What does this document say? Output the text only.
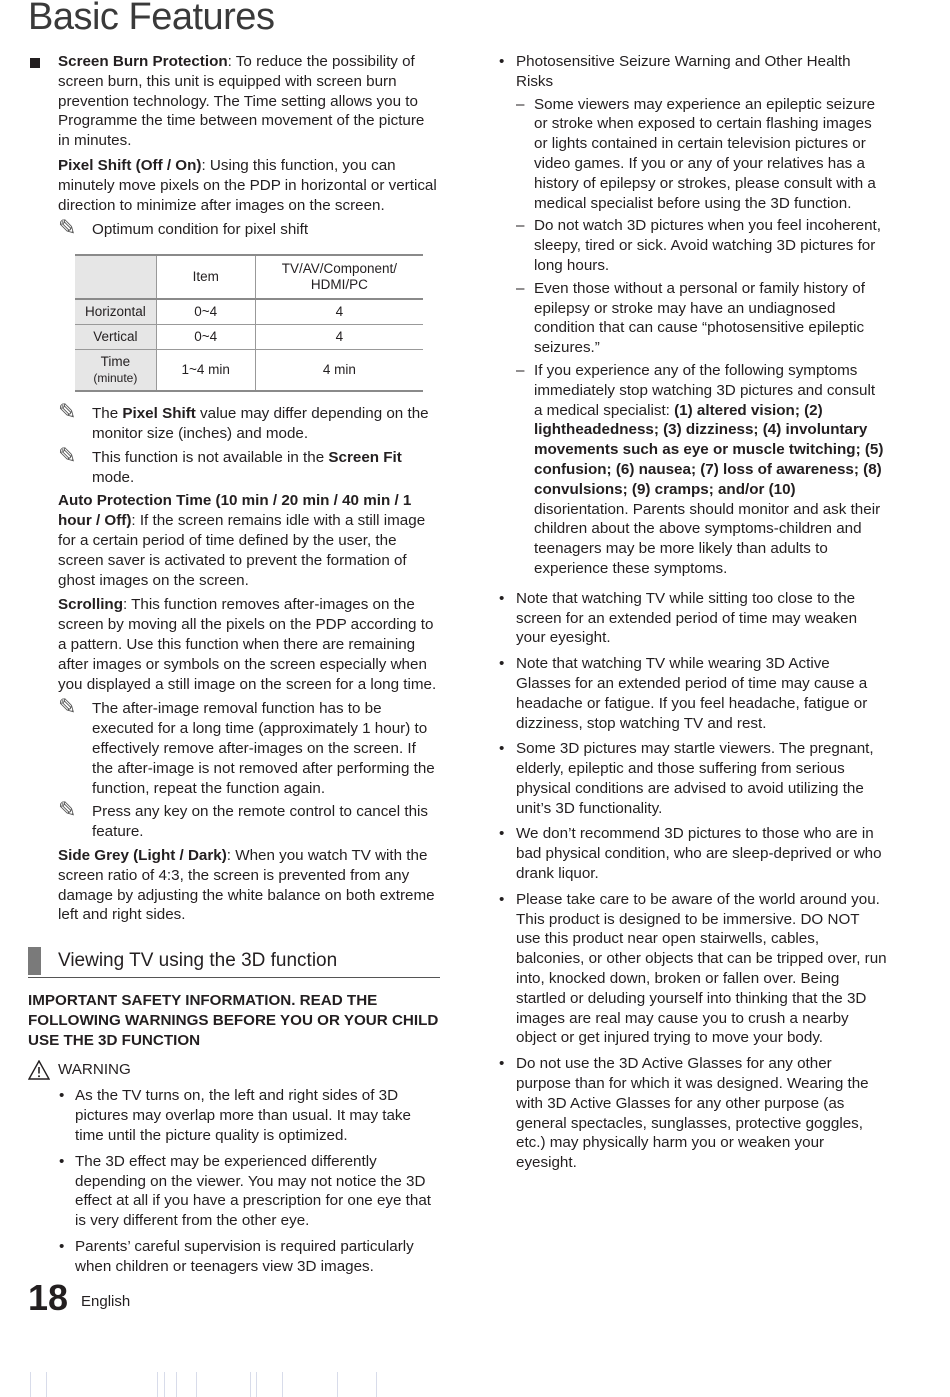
Basic Features
Screen Burn Protection: To reduce the possibility of screen burn, this unit is equipped with screen burn prevention technology. The Time setting allows you to Programme the time between movement of the picture in minutes.
Pixel Shift (Off / On): Using this function, you can minutely move pixels on the PDP in horizontal or vertical direction to minimize after images on the screen.
✎ Optimum condition for pixel shift
	Item	TV/AV/Component/ HDMI/PC
Horizontal	0~4	4
Vertical	0~4	4
Time (minute)	1~4 min	4 min
✎ The Pixel Shift value may differ depending on the monitor size (inches) and mode.
✎ This function is not available in the Screen Fit mode.
Auto Protection Time (10 min / 20 min / 40 min / 1 hour / Off): If the screen remains idle with a still image for a certain period of time defined by the user, the screen saver is activated to prevent the formation of ghost images on the screen.
Scrolling: This function removes after-images on the screen by moving all the pixels on the PDP according to a pattern. Use this function when there are remaining after images or symbols on the screen especially when you displayed a still image on the screen for a long time.
✎ The after-image removal function has to be executed for a long time (approximately 1 hour) to effectively remove after-images on the screen. If the after-image is not removed after performing the function, repeat the function again.
✎ Press any key on the remote control to cancel this feature.
Side Grey (Light / Dark): When you watch TV with the screen ratio of 4:3, the screen is prevented from any damage by adjusting the white balance on both extreme left and right sides.
Viewing TV using the 3D function
IMPORTANT SAFETY INFORMATION. READ THE FOLLOWING WARNINGS BEFORE YOU OR YOUR CHILD USE THE 3D FUNCTION
WARNING
• As the TV turns on, the left and right sides of 3D pictures may overlap more than usual. It may take time until the picture quality is optimized.
• The 3D effect may be experienced differently depending on the viewer. You may not notice the 3D effect at all if you have a prescription for one eye that is very different from the other eye.
• Parents’ careful supervision is required particularly when children or teenagers view 3D images.
• Photosensitive Seizure Warning and Other Health Risks
– Some viewers may experience an epileptic seizure or stroke when exposed to certain flashing images or lights contained in certain television pictures or video games. If you or any of your relatives has a history of epilepsy or strokes, please consult with a medical specialist before using the 3D function.
– Do not watch 3D pictures when you feel incoherent, sleepy, tired or sick. Avoid watching 3D pictures for long hours.
– Even those without a personal or family history of epilepsy or stroke may have an undiagnosed condition that can cause “photosensitive epileptic seizures.”
– If you experience any of the following symptoms immediately stop watching 3D pictures and consult a medical specialist: (1) altered vision; (2) lightheadedness; (3) dizziness; (4) involuntary movements such as eye or muscle twitching; (5) confusion; (6) nausea; (7) loss of awareness; (8) convulsions; (9) cramps; and/or (10) disorientation. Parents should monitor and ask their children about the above symptoms-children and teenagers may be more likely than adults to experience these symptoms.
• Note that watching TV while sitting too close to the screen for an extended period of time may weaken your eyesight.
• Note that watching TV while wearing 3D Active Glasses for an extended period of time may cause a headache or fatigue. If you feel headache, fatigue or dizziness, stop watching TV and rest.
• Some 3D pictures may startle viewers. The pregnant, elderly, epileptic and those suffering from serious physical conditions are advised to avoid utilizing the unit’s 3D functionality.
• We don’t recommend 3D pictures to those who are in bad physical condition, who are sleep-deprived or who drank liquor.
• Please take care to be aware of the world around you. This product is designed to be immersive. DO NOT use this product near open stairwells, cables, balconies, or other objects that can be tripped over, run into, knocked down, broken or fallen over. Being startled or deluding yourself into thinking that the 3D images are real may cause you to crush a nearby object or get injured trying to move your body.
• Do not use the 3D Active Glasses for any other purpose than for which it was designed. Wearing the with 3D Active Glasses for any other purpose (as general spectacles, sunglasses, protective goggles, etc.) may physically harm you or weaken your eyesight.
18 English
